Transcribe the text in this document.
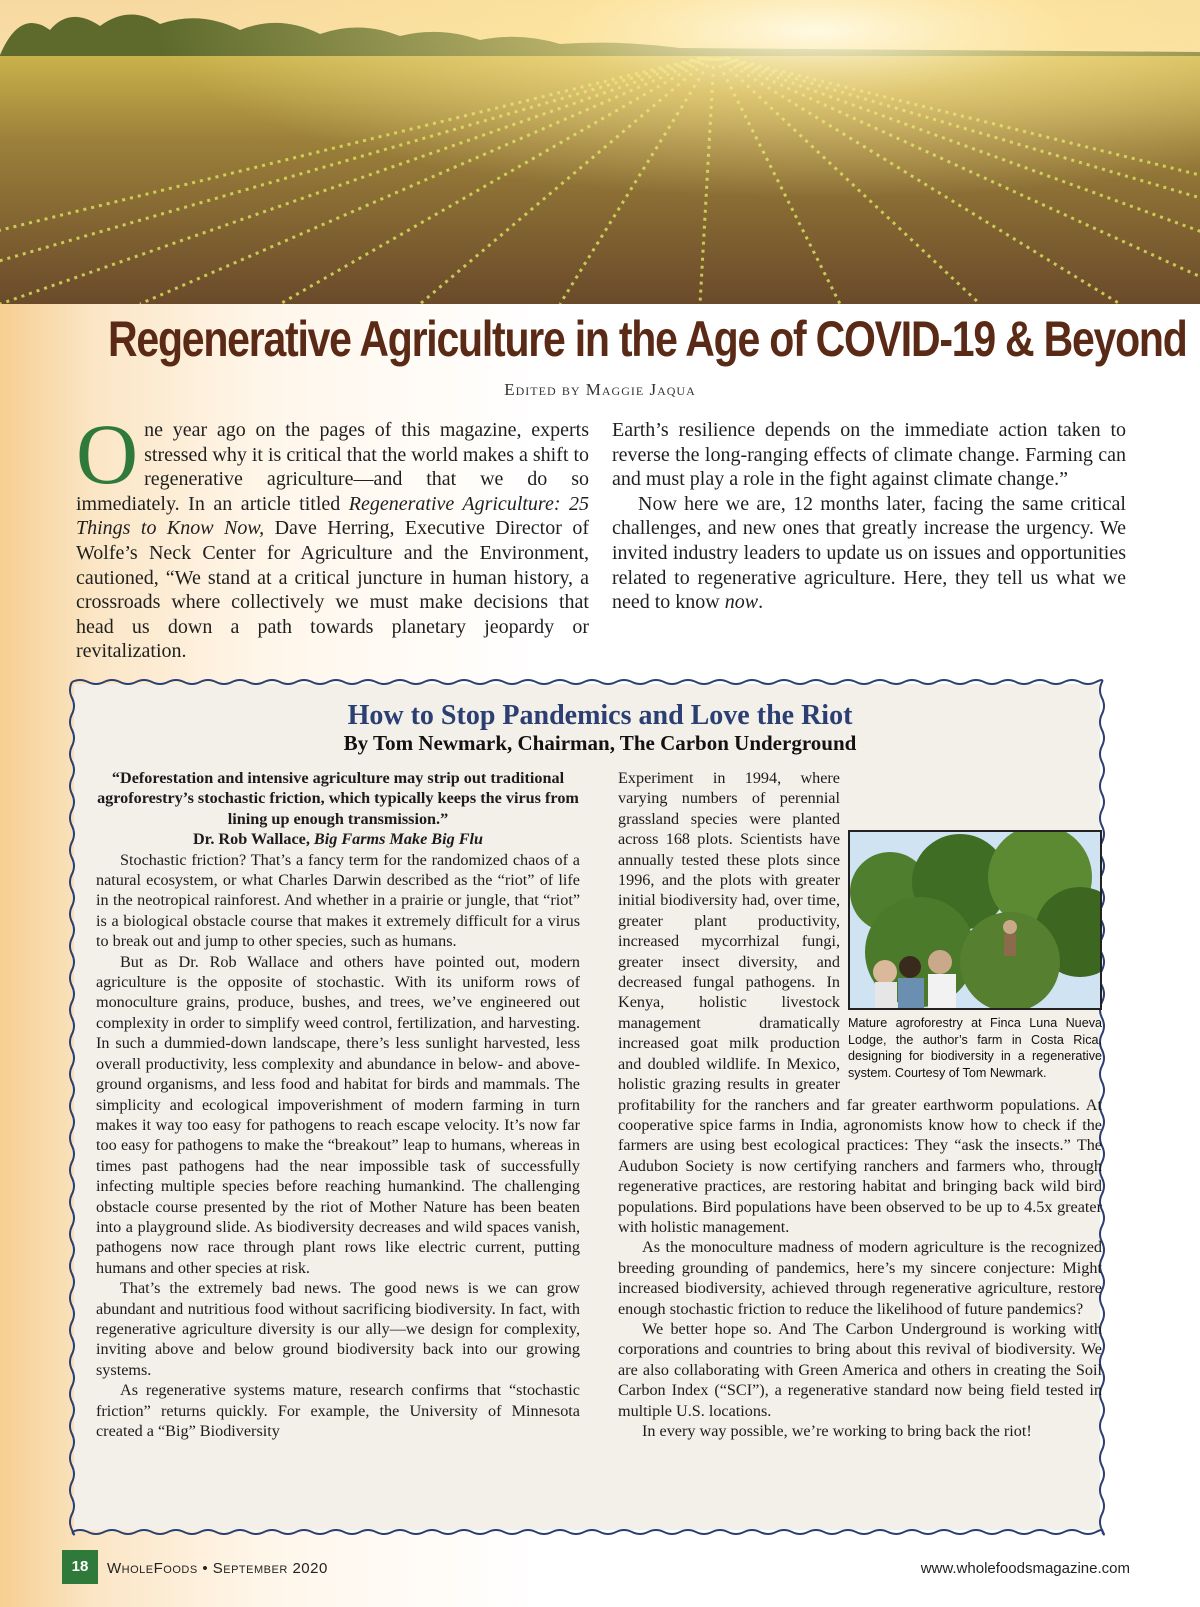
Regenerative Agriculture in the Age of COVID-19 & Beyond
Edited by Maggie Jaqua

One year ago on the pages of this magazine, experts stressed why it is critical that the world makes a shift to regenerative agriculture—and that we do so immediately. In an article titled Regenerative Agriculture: 25 Things to Know Now, Dave Herring, Executive Director of Wolfe’s Neck Center for Agriculture and the Environment, cautioned, “We stand at a critical juncture in human history, a crossroads where collectively we must make decisions that head us down a path towards planetary jeopardy or revitalization.

Earth’s resilience depends on the immediate action taken to reverse the long-ranging effects of climate change. Farming can and must play a role in the fight against climate change.”

Now here we are, 12 months later, facing the same critical challenges, and new ones that greatly increase the urgency. We invited industry leaders to update us on issues and opportunities related to regenerative agriculture. Here, they tell us what we need to know now.

How to Stop Pandemics and Love the Riot
By Tom Newmark, Chairman, The Carbon Underground

“Deforestation and intensive agriculture may strip out traditional agroforestry’s stochastic friction, which typically keeps the virus from lining up enough transmission.”

Dr. Rob Wallace, Big Farms Make Big Flu

Stochastic friction? That’s a fancy term for the randomized chaos of a natural ecosystem, or what Charles Darwin described as the “riot” of life in the neotropical rainforest. And whether in a prairie or jungle, that “riot” is a biological obstacle course that makes it extremely difficult for a virus to break out and jump to other species, such as humans.

But as Dr. Rob Wallace and others have pointed out, modern agriculture is the opposite of stochastic. With its uniform rows of monoculture grains, produce, bushes, and trees, we’ve engineered out complexity in order to simplify weed control, fertilization, and harvesting. In such a dummied-down landscape, there’s less sunlight harvested, less overall productivity, less complexity and abundance in below- and above-ground organisms, and less food and habitat for birds and mammals. The simplicity and ecological impoverishment of modern farming in turn makes it way too easy for pathogens to reach escape velocity. It’s now far too easy for pathogens to make the “breakout” leap to humans, whereas in times past pathogens had the near impossible task of successfully infecting multiple species before reaching humankind. The challenging obstacle course presented by the riot of Mother Nature has been beaten into a playground slide. As biodiversity decreases and wild spaces vanish, pathogens now race through plant rows like electric current, putting humans and other species at risk.

That’s the extremely bad news. The good news is we can grow abundant and nutritious food without sacrificing biodiversity. In fact, with regenerative agriculture diversity is our ally—we design for complexity, inviting above and below ground biodiversity back into our growing systems.

As regenerative systems mature, research confirms that “stochastic friction” returns quickly. For example, the University of Minnesota created a “Big” Biodiversity

Mature agroforestry at Finca Luna Nueva Lodge, the author’s farm in Costa Rica, designing for biodiversity in a regenerative system. Courtesy of Tom Newmark.
Experiment in 1994, where varying numbers of perennial grassland species were planted across 168 plots. Scientists have annually tested these plots since 1996, and the plots with greater initial biodiversity had, over time, greater plant productivity, increased mycorrhizal fungi, greater insect diversity, and decreased fungal pathogens. In Kenya, holistic livestock management dramatically increased goat milk production and doubled wildlife. In Mexico, holistic grazing results in greater profitability for the ranchers and far greater earthworm populations. At cooperative spice farms in India, agronomists know how to check if the farmers are using best ecological practices: They “ask the insects.” The Audubon Society is now certifying ranchers and farmers who, through regenerative practices, are restoring habitat and bringing back wild bird populations. Bird populations have been observed to be up to 4.5x greater with holistic management.

As the monoculture madness of modern agriculture is the recognized breeding grounding of pandemics, here’s my sincere conjecture: Might increased biodiversity, achieved through regenerative agriculture, restore enough stochastic friction to reduce the likelihood of future pandemics?

We better hope so. And The Carbon Underground is working with corporations and countries to bring about this revival of biodiversity. We are also collaborating with Green America and others in creating the Soil Carbon Index (“SCI”), a regenerative standard now being field tested in multiple U.S. locations.

In every way possible, we’re working to bring back the riot!

18	WholeFoods • September 2020	www.wholefoodsmagazine.com
